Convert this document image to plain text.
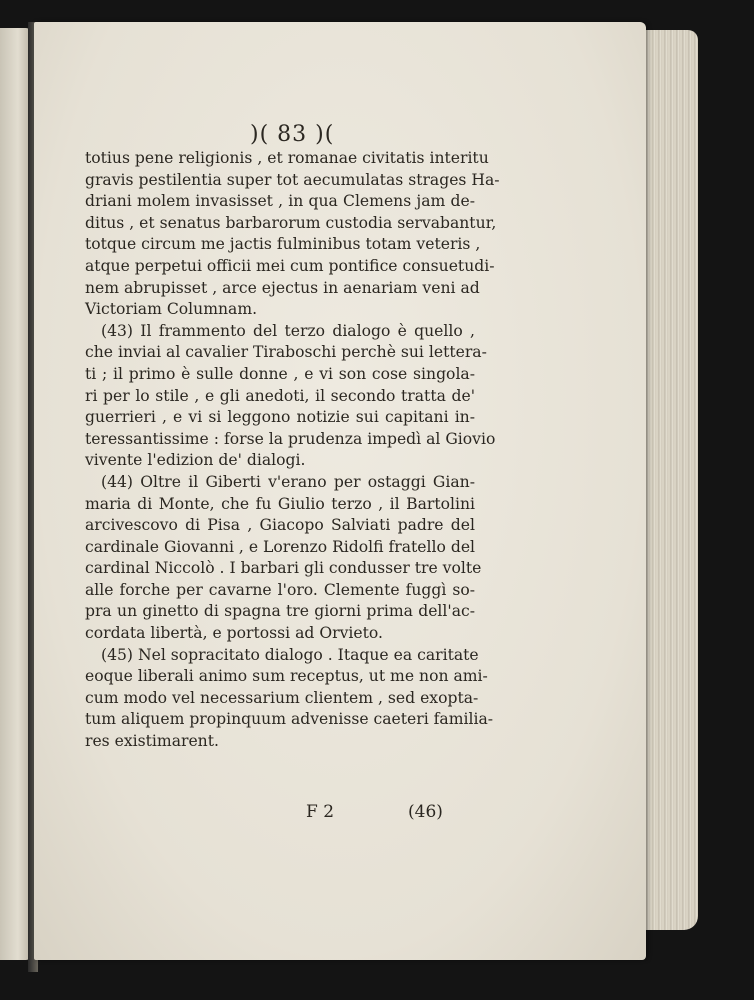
)( 83 )(
totius pene religionis , et romanae civitatis interitu
gravis pestilentia super tot aecumulatas strages Ha-
driani molem invasisset , in qua Clemens jam de-
ditus , et senatus barbarorum custodia servabantur,
totque circum me jactis fulminibus totam veteris ,
atque perpetui officii mei cum pontifice consuetudi-
nem abrupisset , arce ejectus in aenariam veni ad
Victoriam Columnam.
(43) Il frammento del terzo dialogo è quello ,
che inviai al cavalier Tiraboschi perchè sui lettera-
ti ; il primo è sulle donne , e vi son cose singola-
ri per lo stile , e gli anedoti, il secondo tratta de'
guerrieri , e vi si leggono notizie sui capitani in-
teressantissime : forse la prudenza impedì al Giovio
vivente l'edizion de' dialogi.
(44) Oltre il Giberti v'erano per ostaggi Gian-
maria di Monte, che fu Giulio terzo , il Bartolini
arcivescovo di Pisa , Giacopo Salviati padre del
cardinale Giovanni , e Lorenzo Ridolfi fratello del
cardinal Niccolò . I barbari gli condusser tre volte
alle forche per cavarne l'oro. Clemente fuggì so-
pra un ginetto di spagna tre giorni prima dell'ac-
cordata libertà, e portossi ad Orvieto.
(45) Nel sopracitato dialogo . Itaque ea caritate
eoque liberali animo sum receptus, ut me non ami-
cum modo vel necessarium clientem , sed exopta-
tum aliquem propinquum advenisse caeteri familia-
res existimarent.
F 2	(46)
